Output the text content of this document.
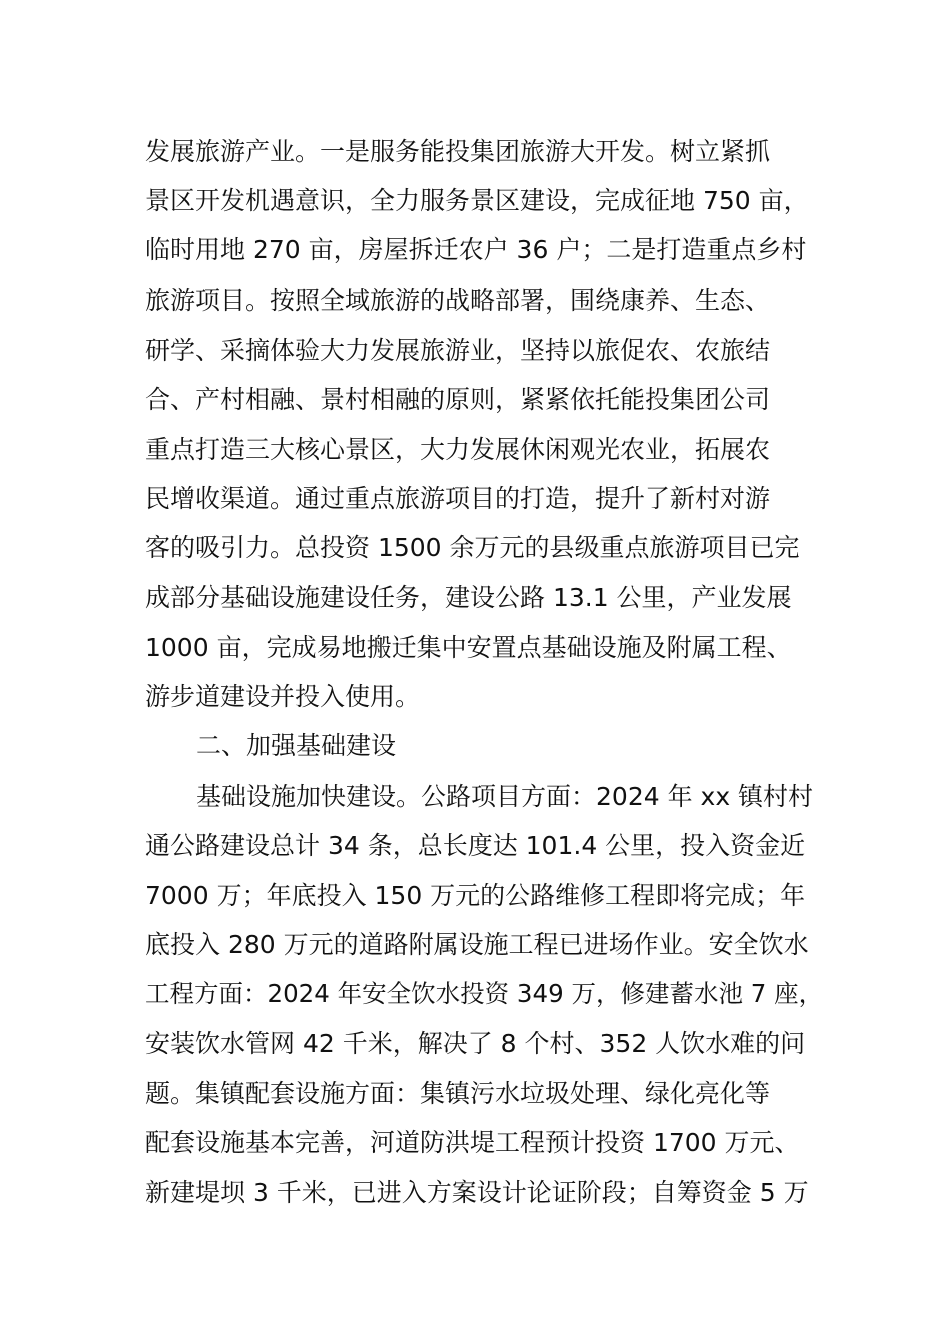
发展旅游产业。一是服务能投集团旅游大开发。树立紧抓
景区开发机遇意识，全力服务景区建设，完成征地 750 亩，
临时用地 270 亩，房屋拆迁农户 36 户；二是打造重点乡村
旅游项目。按照全域旅游的战略部署，围绕康养、生态、
研学、采摘体验大力发展旅游业，坚持以旅促农、农旅结
合、产村相融、景村相融的原则，紧紧依托能投集团公司
重点打造三大核心景区，大力发展休闲观光农业，拓展农
民增收渠道。通过重点旅游项目的打造，提升了新村对游
客的吸引力。总投资 1500 余万元的县级重点旅游项目已完
成部分基础设施建设任务，建设公路 13.1 公里，产业发展
1000 亩，完成易地搬迁集中安置点基础设施及附属工程、
游步道建设并投入使用。
二、加强基础建设
基础设施加快建设。公路项目方面：2024 年 xx 镇村村
通公路建设总计 34 条，总长度达 101.4 公里，投入资金近
7000 万；年底投入 150 万元的公路维修工程即将完成；年
底投入 280 万元的道路附属设施工程已进场作业。安全饮水
工程方面：2024 年安全饮水投资 349 万，修建蓄水池 7 座，
安装饮水管网 42 千米，解决了 8 个村、352 人饮水难的问
题。集镇配套设施方面：集镇污水垃圾处理、绿化亮化等
配套设施基本完善，河道防洪堤工程预计投资 1700 万元、
新建堤坝 3 千米，已进入方案设计论证阶段；自筹资金 5 万
